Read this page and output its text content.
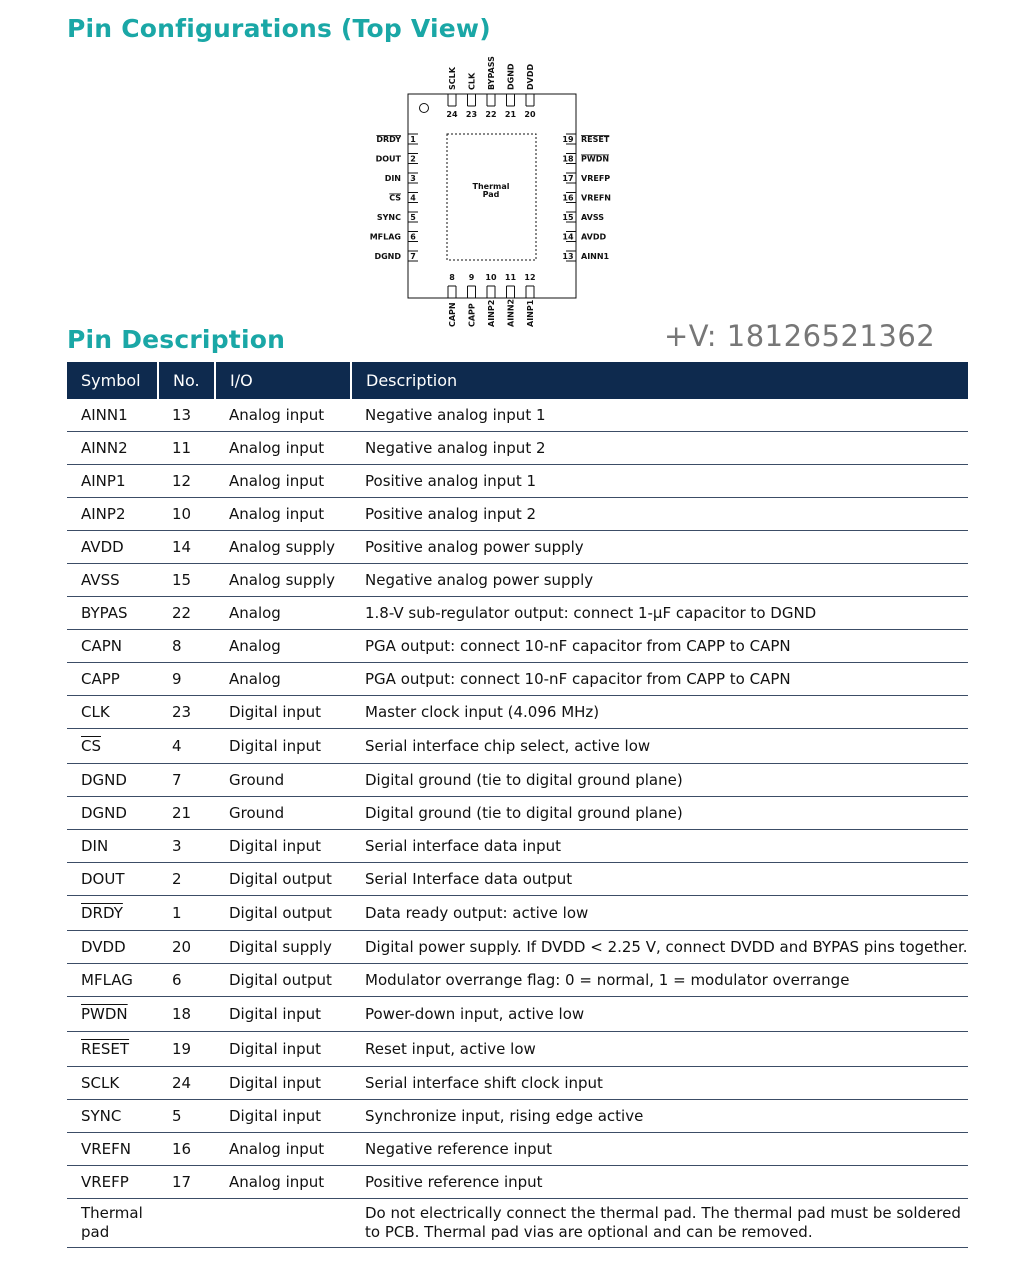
Pin Configurations (Top View)
Thermal
Pad
1
DRDY
2
DOUT
3
DIN
4
CS
5
SYNC
6
MFLAG
7
DGND
19 RESET
18 PWDN
17 VREFP
16 VREFN
15 AVSS
14 AVDD
13 AINN1
24
SCLK
23
CLK
22
BYPASS
21
DGND
20
DVDD
8
CAPN
9
CAPP
10
AINP2
11
AINN2
12
AINP1
Pin Description	+V: 18126521362
Symbol	No.	I/O	Description
AINN1	13	Analog input	Negative analog input 1
AINN2	11	Analog input	Negative analog input 2
AINP1	12	Analog input	Positive analog input 1
AINP2	10	Analog input	Positive analog input 2
AVDD	14	Analog supply	Positive analog power supply
AVSS	15	Analog supply	Negative analog power supply
BYPAS	22	Analog	1.8-V sub-regulator output: connect 1-μF capacitor to DGND
CAPN	8	Analog	PGA output: connect 10-nF capacitor from CAPP to CAPN
CAPP	9	Analog	PGA output: connect 10-nF capacitor from CAPP to CAPN
CLK	23	Digital input	Master clock input (4.096 MHz)
$\overline{CS}$	4	Digital input	Serial interface chip select, active low
DGND	7	Ground	Digital ground (tie to digital ground plane)
DGND	21	Ground	Digital ground (tie to digital ground plane)
DIN	3	Digital input	Serial interface data input
DOUT	2	Digital output	Serial Interface data output
DRDY	1	Digital output	Data ready output: active low
DVDD	20	Digital supply	Digital power supply. If DVDD < 2.25 V, connect DVDD and BYPAS pins together.
MFLAG	6	Digital output	Modulator overrange flag: 0 = normal, 1 = modulator overrange
PWDN	18	Digital input	Power-down input, active low
RESET	19	Digital input	Reset input, active low
SCLK	24	Digital input	Serial interface shift clock input
SYNC	5	Digital input	Synchronize input, rising edge active
VREFN	16	Analog input	Negative reference input
VREFP	17	Analog input	Positive reference input
Thermal pad			Do not electrically connect the thermal pad. The thermal pad must be soldered to PCB. Thermal pad vias are optional and can be removed.
